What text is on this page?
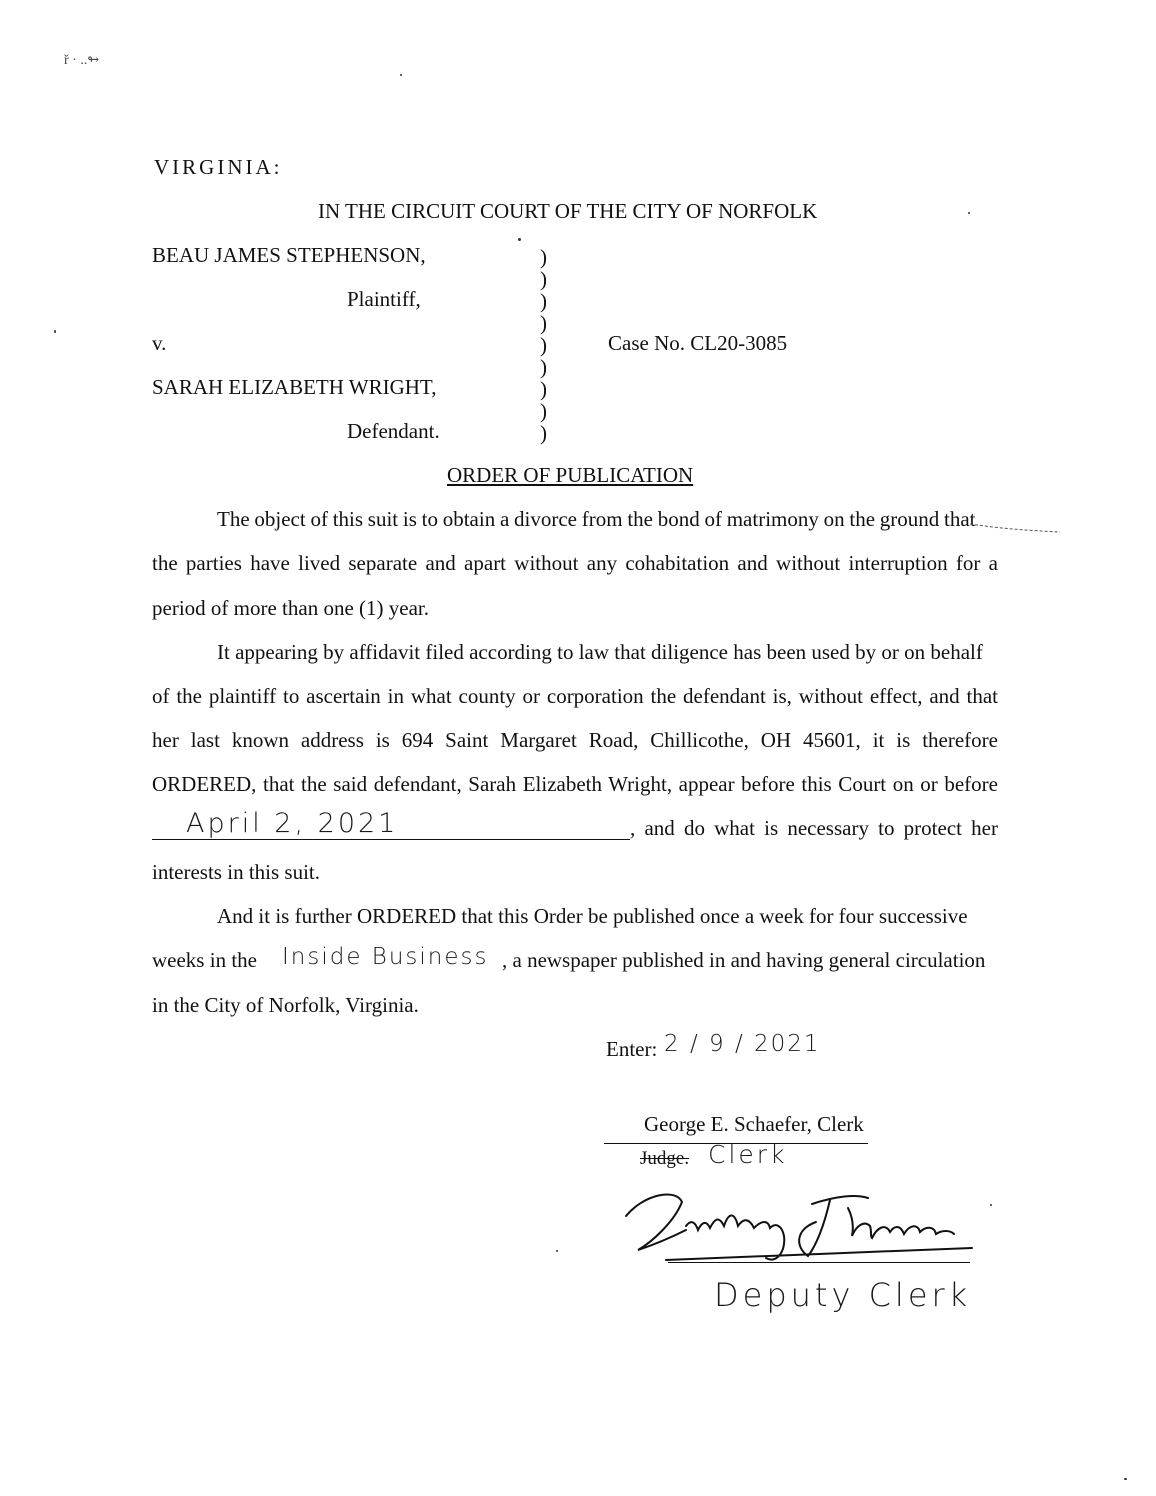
ř · ..↬
VIRGINIA:
IN THE CIRCUIT COURT OF THE CITY OF NORFOLK
BEAU JAMES STEPHENSON,
Plaintiff,
v.	Case No. CL20-3085
SARAH ELIZABETH WRIGHT,
Defendant.
)
)
)
)
)
)
)
)
)
ORDER OF PUBLICATION
The object of this suit is to obtain a divorce from the bond of matrimony on the ground that
the parties have lived separate and apart without any cohabitation and without interruption for a
period of more than one (1) year.
It appearing by affidavit filed according to law that diligence has been used by or on behalf
of the plaintiff to ascertain in what county or corporation the defendant is, without effect, and that
her last known address is 694 Saint Margaret Road, Chillicothe, OH 45601, it is therefore
ORDERED, that the said defendant, Sarah Elizabeth Wright, appear before this Court on or before
April 2, 2021	, and do what is necessary to protect her
interests in this suit.
And it is further ORDERED that this Order be published once a week for four successive
weeks in the Inside Business , a newspaper published in and having general circulation
in the City of Norfolk, Virginia.
Enter: 2 / 9 / 2021
George E. Schaefer, Clerk
Judge. Clerk
Deputy Clerk
